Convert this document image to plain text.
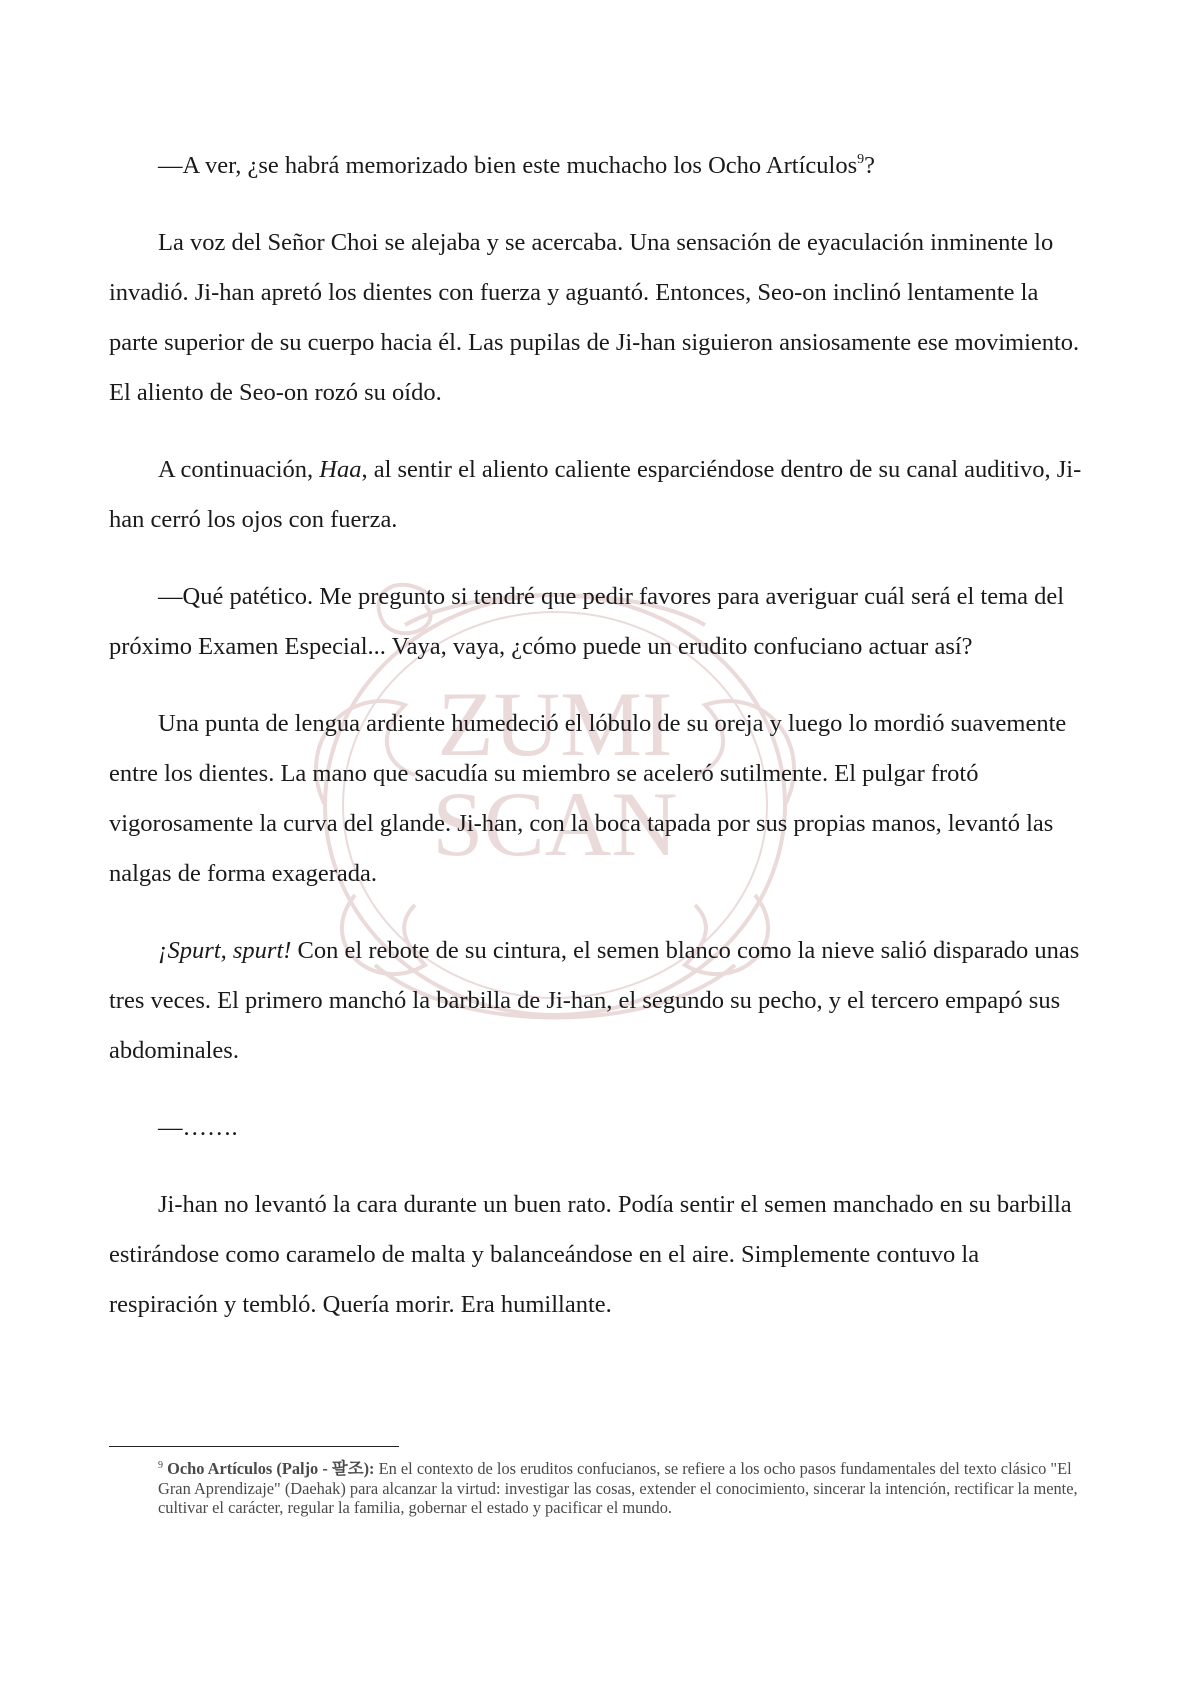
ZUMI
SCAN

—A ver, ¿se habrá memorizado bien este muchacho los Ocho Artículos$^9$?

La voz del Señor Choi se alejaba y se acercaba. Una sensación de eyaculación inminente lo invadió. Ji-han apretó los dientes con fuerza y aguantó. Entonces, Seo-on inclinó lentamente la parte superior de su cuerpo hacia él. Las pupilas de Ji-han siguieron ansiosamente ese movimiento. El aliento de Seo-on rozó su oído.

A continuación, Haa, al sentir el aliento caliente esparciéndose dentro de su canal auditivo, Ji-han cerró los ojos con fuerza.

—Qué patético. Me pregunto si tendré que pedir favores para averiguar cuál será el tema del próximo Examen Especial... Vaya, vaya, ¿cómo puede un erudito confuciano actuar así?

Una punta de lengua ardiente humedeció el lóbulo de su oreja y luego lo mordió suavemente entre los dientes. La mano que sacudía su miembro se aceleró sutilmente. El pulgar frotó vigorosamente la curva del glande. Ji-han, con la boca tapada por sus propias manos, levantó las nalgas de forma exagerada.

¡Spurt, spurt! Con el rebote de su cintura, el semen blanco como la nieve salió disparado unas tres veces. El primero manchó la barbilla de Ji-han, el segundo su pecho, y el tercero empapó sus abdominales.

—…….

Ji-han no levantó la cara durante un buen rato. Podía sentir el semen manchado en su barbilla estirándose como caramelo de malta y balanceándose en el aire. Simplemente contuvo la respiración y tembló. Quería morir. Era humillante.

$^9$ Ocho Artículos (Paljo - 팔조): En el contexto de los eruditos confucianos, se refiere a los ocho pasos fundamentales del texto clásico "El Gran Aprendizaje" (Daehak) para alcanzar la virtud: investigar las cosas, extender el conocimiento, sincerar la intención, rectificar la mente, cultivar el carácter, regular la familia, gobernar el estado y pacificar el mundo.
